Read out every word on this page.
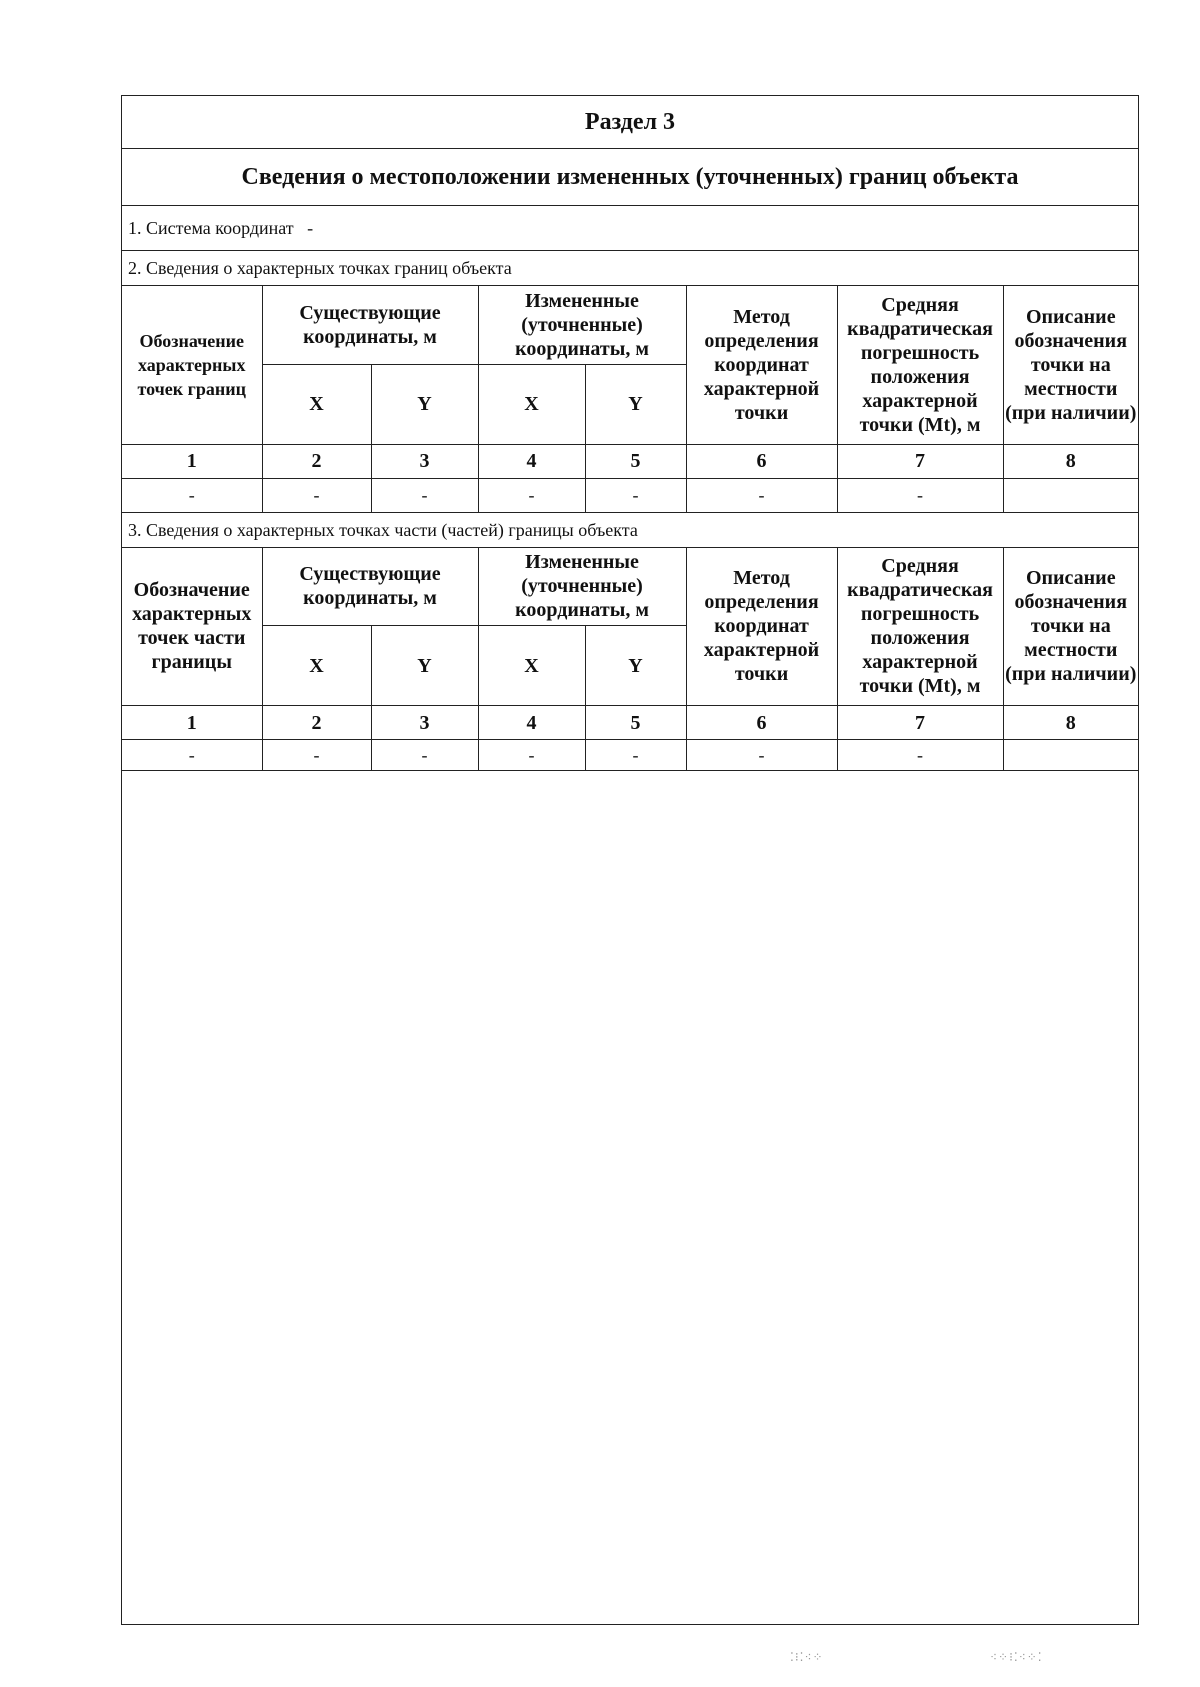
Раздел 3
Сведения о местоположении измененных (уточненных) границ объекта
1. Система координат -
2. Сведения о характерных точках границ объекта
Обозначение характерных точек границ	Существующие координаты, м		Измененные (уточненные) координаты, м		Метод определения координат характерной точки	Средняя квадратическая погрешность положения характерной точки (Mt), м	Описание обозначения точки на местности (при наличии)
	X	Y	X	Y			
1	2	3	4	5	6	7	8
-	-	-	-	-	-	-	
3. Сведения о характерных точках части (частей) границы объекта
Обозначение характерных точек части границы	Существующие координаты, м		Измененные (уточненные) координаты, м		Метод определения координат характерной точки	Средняя квадратическая погрешность положения характерной точки (Mt), м	Описание обозначения точки на местности (при наличии)
	X	Y	X	Y			
1	2	3	4	5	6	7	8
-	-	-	-	-	-	-	
⁚⁝⁚⁖⁘	⁖⁘⁝⁚⁖⁘⁚
